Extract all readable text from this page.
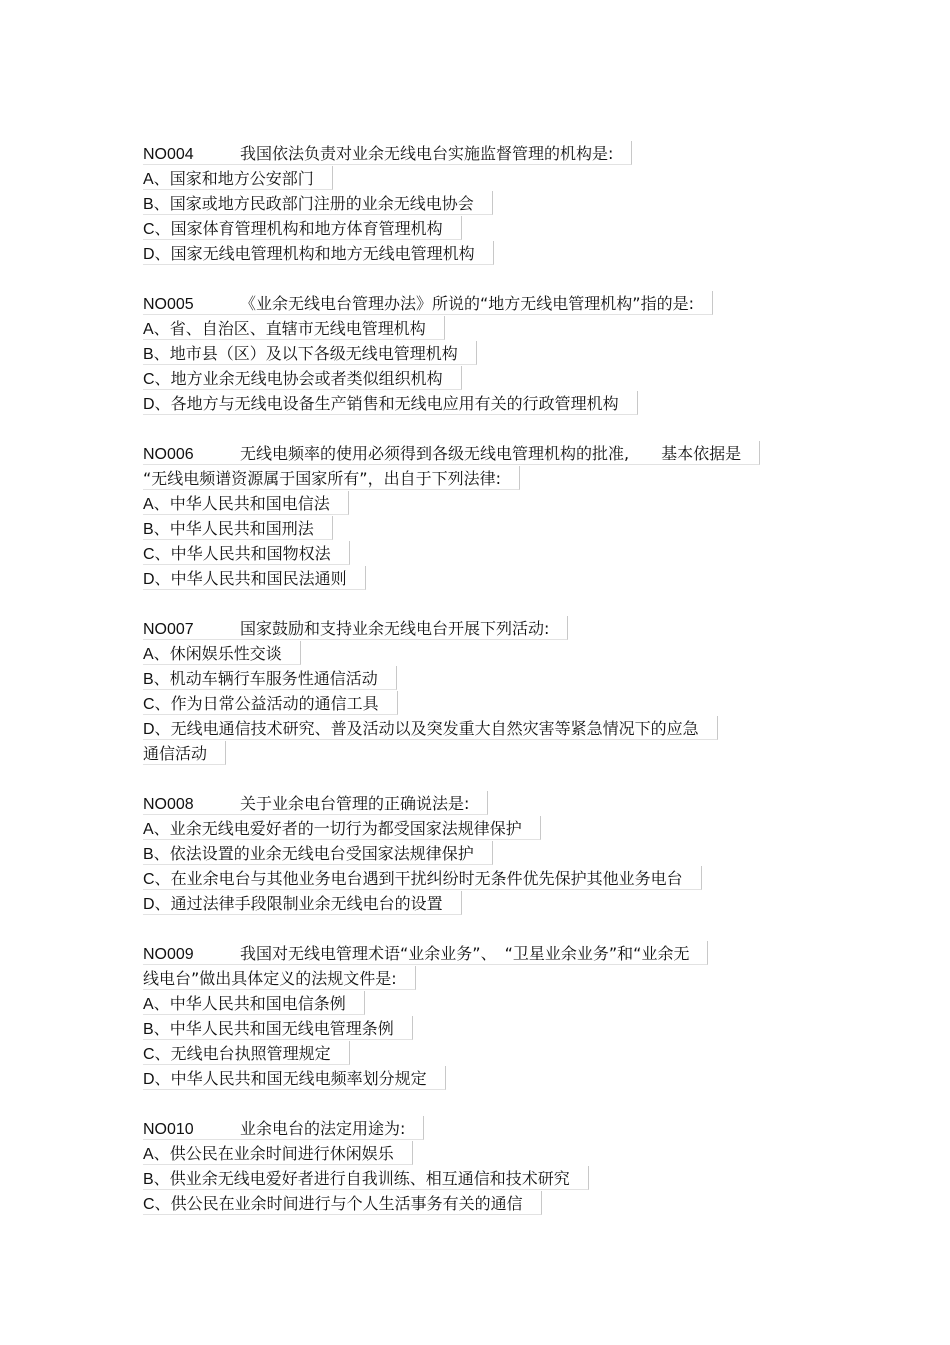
NO004	我国依法负责对业余无线电台实施监督管理的机构是:
A、国家和地方公安部门
B、国家或地方民政部门注册的业余无线电协会
C、国家体育管理机构和地方体育管理机构
D、国家无线电管理机构和地方无线电管理机构
NO005	《业余无线电台管理办法》所说的“地方无线电管理机构”指的是:
A、省、自治区、直辖市无线电管理机构
B、地市县（区）及以下各级无线电管理机构
C、地方业余无线电协会或者类似组织机构
D、各地方与无线电设备生产销售和无线电应用有关的行政管理机构
NO006	无线电频率的使用必须得到各级无线电管理机构的批准,　　基本依据是
“无线电频谱资源属于国家所有”，出自于下列法律:
A、中华人民共和国电信法
B、中华人民共和国刑法
C、中华人民共和国物权法
D、中华人民共和国民法通则
NO007	国家鼓励和支持业余无线电台开展下列活动:
A、休闲娱乐性交谈
B、机动车辆行车服务性通信活动
C、作为日常公益活动的通信工具
D、无线电通信技术研究、普及活动以及突发重大自然灾害等紧急情况下的应急
通信活动
NO008	关于业余电台管理的正确说法是:
A、业余无线电爱好者的一切行为都受国家法规律保护
B、依法设置的业余无线电台受国家法规律保护
C、在业余电台与其他业务电台遇到干扰纠纷时无条件优先保护其他业务电台
D、通过法律手段限制业余无线电台的设置
NO009	我国对无线电管理术语“业余业务”、　“卫星业余业务”和“业余无
线电台”做出具体定义的法规文件是:
A、中华人民共和国电信条例
B、中华人民共和国无线电管理条例
C、无线电台执照管理规定
D、中华人民共和国无线电频率划分规定
NO010	业余电台的法定用途为:
A、供公民在业余时间进行休闲娱乐
B、供业余无线电爱好者进行自我训练、相互通信和技术研究
C、供公民在业余时间进行与个人生活事务有关的通信
